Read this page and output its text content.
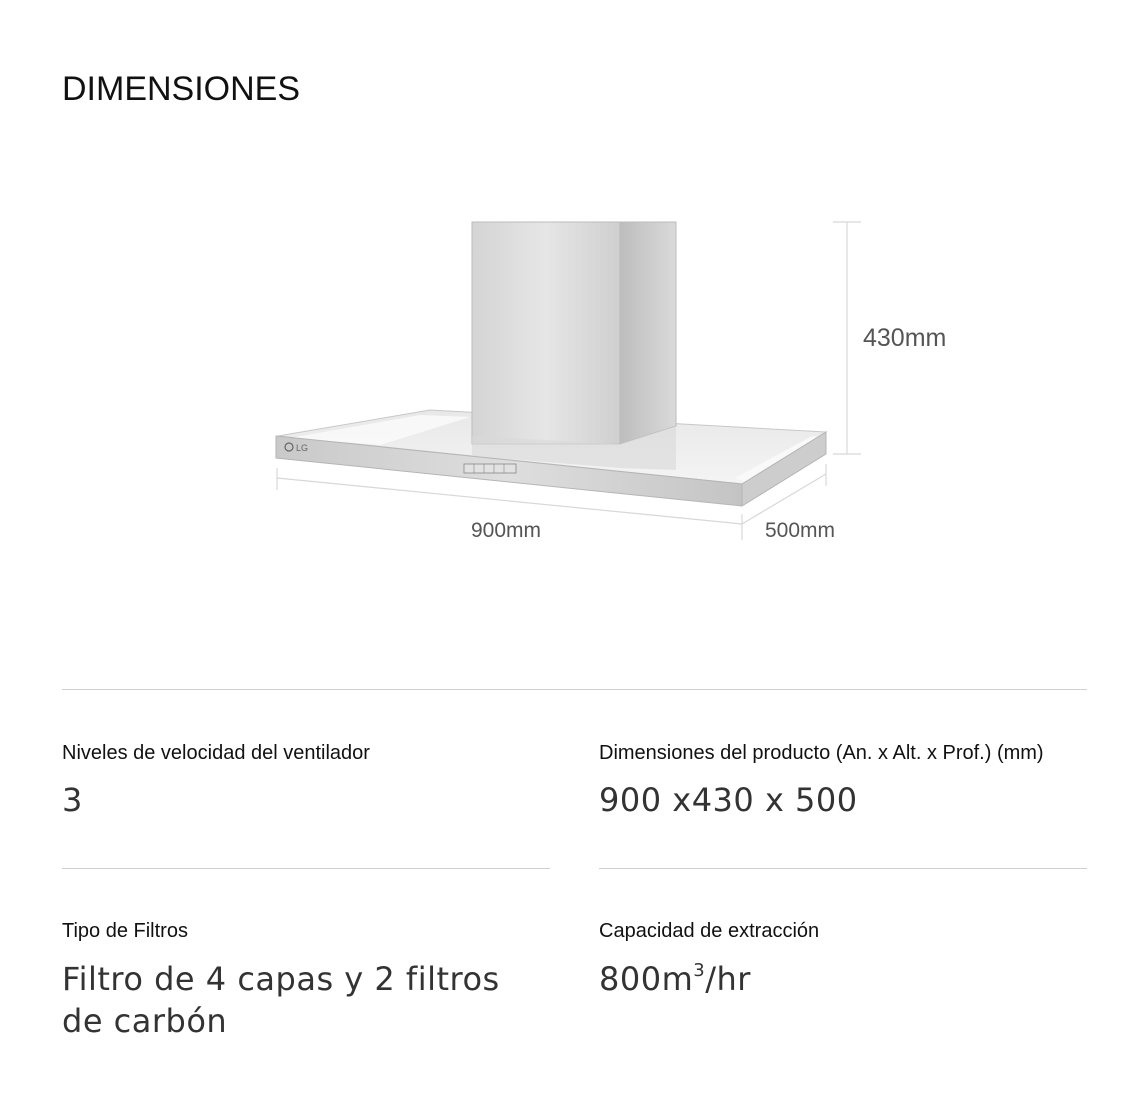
DIMENSIONES
LG
900mm	500mm
430mm
Niveles de velocidad del ventilador
3
Dimensiones del producto (An. x Alt. x Prof.) (mm)
900 x430 x 500
Tipo de Filtros
Filtro de 4 capas y 2 filtros de carbón
Capacidad de extracción
$800m^3/hr$
